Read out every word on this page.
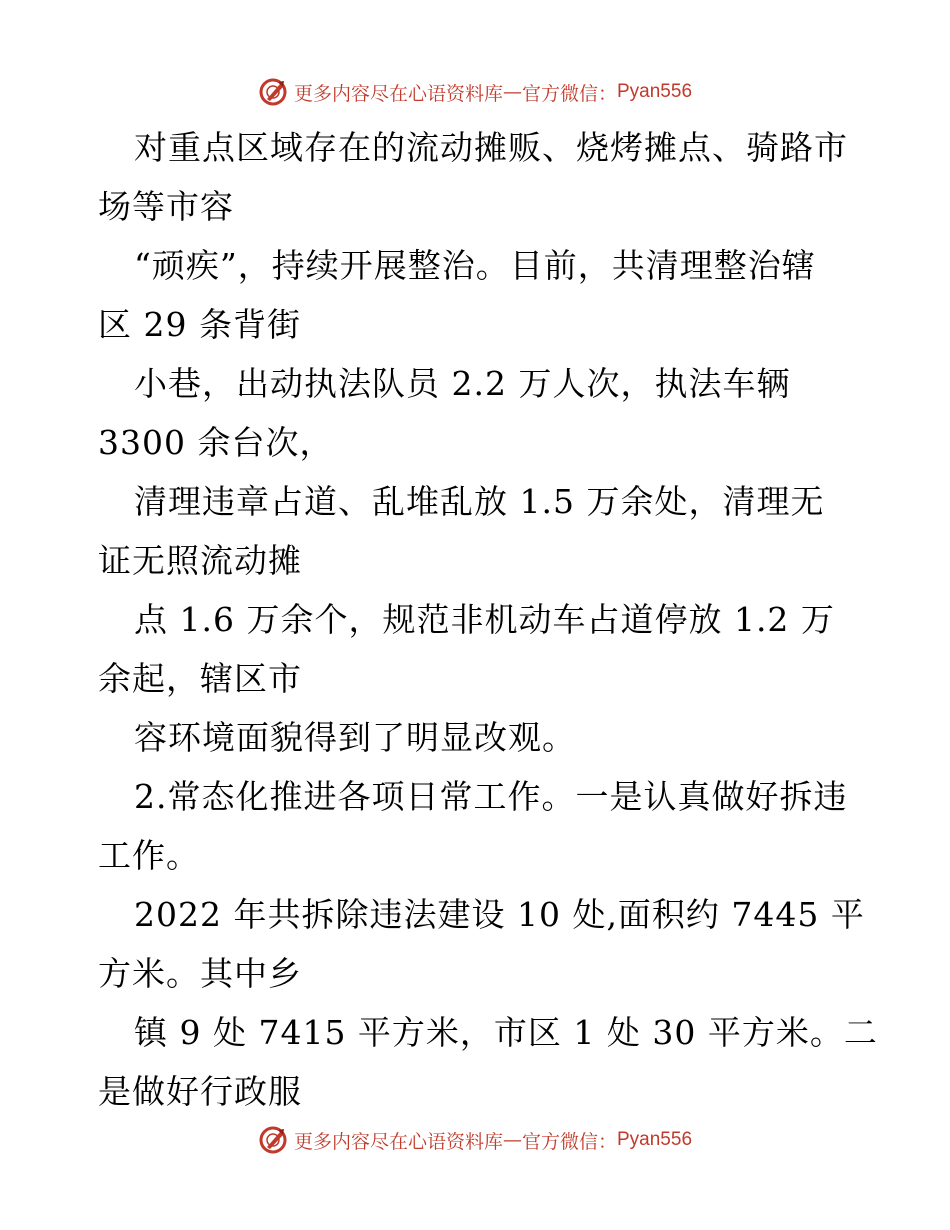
更多内容尽在心语资料库 — 官方微信： Pyan556
对重点区域存在的流动摊贩、烧烤摊点、骑路市
场等市容
“顽疾”，持续开展整治。目前，共清理整治辖
区 29 条背街
小巷，出动执法队员 2.2 万人次，执法车辆
3300 余台次，
清理违章占道、乱堆乱放 1.5 万余处，清理无
证无照流动摊
点 1.6 万余个，规范非机动车占道停放 1.2 万
余起，辖区市
容环境面貌得到了明显改观。
2.常态化推进各项日常工作。一是认真做好拆违
工作。
2022 年共拆除违法建设 10 处,面积约 7445 平
方米。其中乡
镇 9 处 7415 平方米，市区 1 处 30 平方米。二
是做好行政服
更多内容尽在心语资料库 — 官方微信： Pyan556
